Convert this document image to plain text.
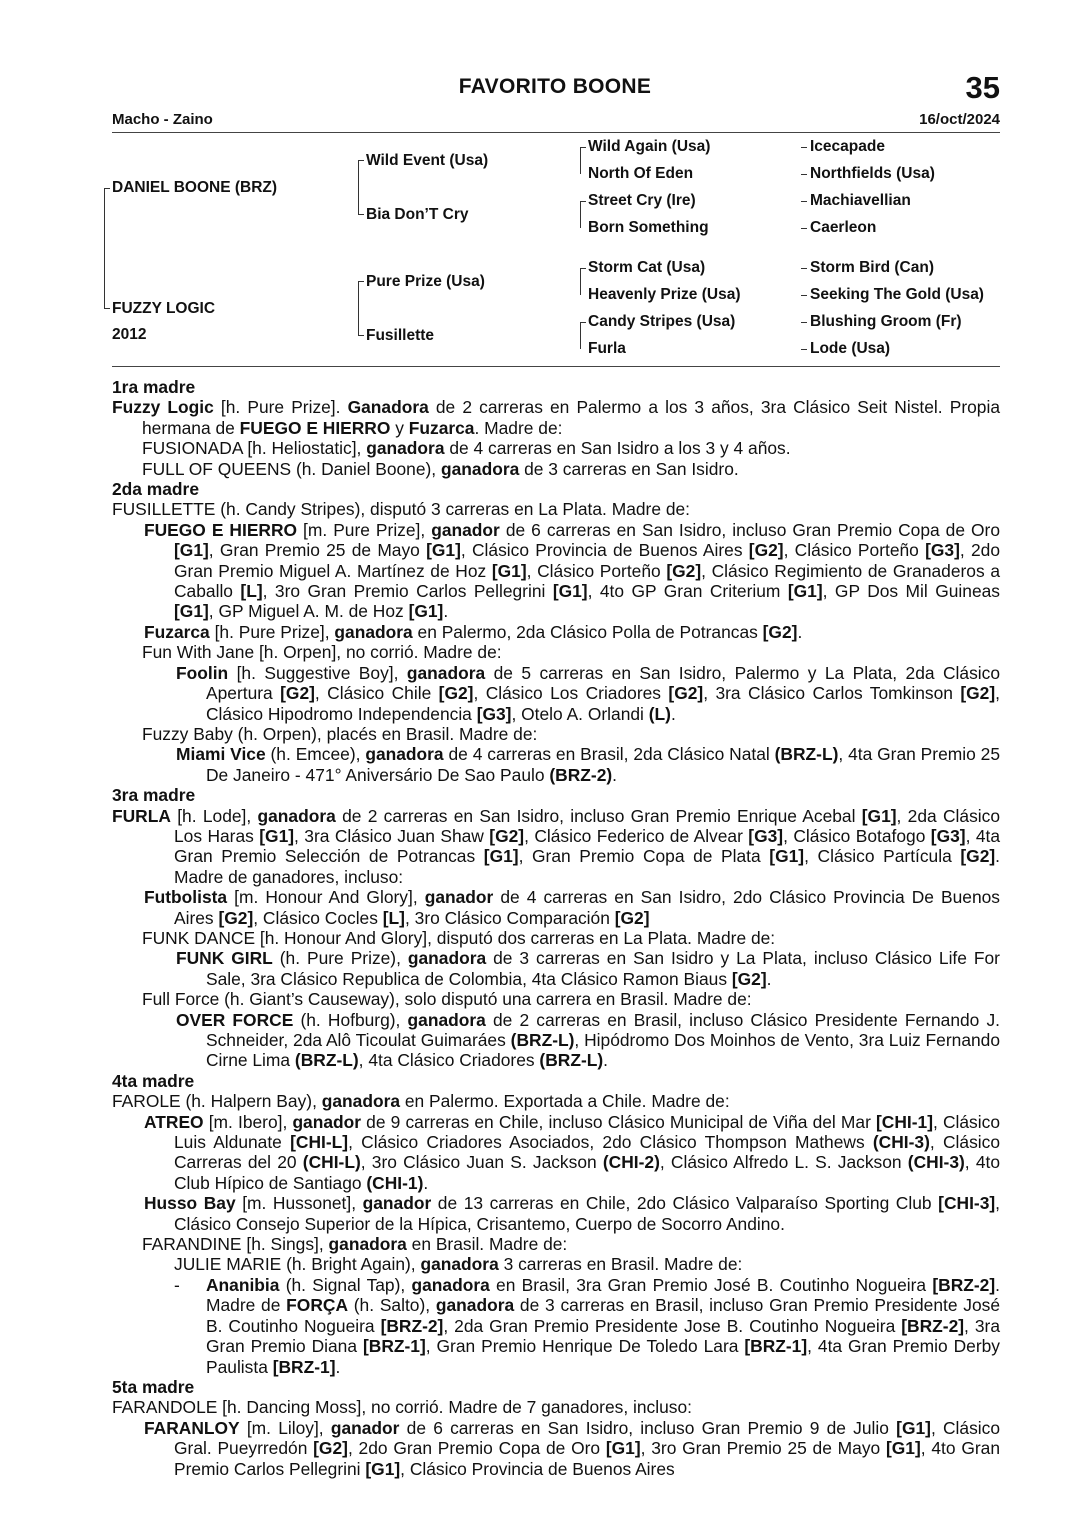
FAVORITO BOONE	35
Macho - Zaino	16/oct/2024
DANIEL BOONE (BRZ)
FUZZY LOGIC
2012
Wild Event (Usa)
Bia Don’T Cry
Pure Prize (Usa)
Fusillette
Wild Again (Usa)
North Of Eden
Street Cry (Ire)
Born Something
Storm Cat (Usa)
Heavenly Prize (Usa)
Candy Stripes (Usa)
Furla
Icecapade
Northfields (Usa)
Machiavellian
Caerleon
Storm Bird (Can)
Seeking The Gold (Usa)
Blushing Groom (Fr)
Lode (Usa)
1ra madre
Fuzzy Logic [h. Pure Prize]. Ganadora de 2 carreras en Palermo a los 3 años, 3ra Clásico Seit Nistel. Propia hermana de FUEGO E HIERRO y Fuzarca. Madre de:
FUSIONADA [h. Heliostatic], ganadora de 4 carreras en San Isidro a los 3 y 4 años.
FULL OF QUEENS (h. Daniel Boone), ganadora de 3 carreras en San Isidro.
2da madre
FUSILLETTE (h. Candy Stripes), disputó 3 carreras en La Plata. Madre de:
FUEGO E HIERRO [m. Pure Prize], ganador de 6 carreras en San Isidro, incluso Gran Premio Copa de Oro [G1], Gran Premio 25 de Mayo [G1], Clásico Provincia de Buenos Aires [G2], Clásico Porteño [G3], 2do Gran Premio Miguel A. Martínez de Hoz [G1], Clásico Porteño [G2], Clásico Regimiento de Granaderos a Caballo [L], 3ro Gran Premio Carlos Pellegrini [G1], 4to GP Gran Criterium [G1], GP Dos Mil Guineas [G1], GP Miguel A. M. de Hoz [G1].
Fuzarca [h. Pure Prize], ganadora en Palermo, 2da Clásico Polla de Potrancas [G2].
Fun With Jane [h. Orpen], no corrió. Madre de:
Foolin [h. Suggestive Boy], ganadora de 5 carreras en San Isidro, Palermo y La Plata, 2da Clásico Apertura [G2], Clásico Chile [G2], Clásico Los Criadores [G2], 3ra Clásico Carlos Tomkinson [G2], Clásico Hipodromo Independencia [G3], Otelo A. Orlandi (L).
Fuzzy Baby (h. Orpen), placés en Brasil. Madre de:
Miami Vice (h. Emcee), ganadora de 4 carreras en Brasil, 2da Clásico Natal (BRZ-L), 4ta Gran Premio 25 De Janeiro - 471° Aniversário De Sao Paulo (BRZ-2).
3ra madre
FURLA [h. Lode], ganadora de 2 carreras en San Isidro, incluso Gran Premio Enrique Acebal [G1], 2da Clásico Los Haras [G1], 3ra Clásico Juan Shaw [G2], Clásico Federico de Alvear [G3], Clásico Botafogo [G3], 4ta Gran Premio Selección de Potrancas [G1], Gran Premio Copa de Plata [G1], Clásico Partícula [G2]. Madre de ganadores, incluso:
Futbolista [m. Honour And Glory], ganador de 4 carreras en San Isidro, 2do Clásico Provincia De Buenos Aires [G2], Clásico Cocles [L], 3ro Clásico Comparación [G2]
FUNK DANCE [h. Honour And Glory], disputó dos carreras en La Plata. Madre de:
FUNK GIRL (h. Pure Prize), ganadora de 3 carreras en San Isidro y La Plata, incluso Clásico Life For Sale, 3ra Clásico Republica de Colombia, 4ta Clásico Ramon Biaus [G2].
Full Force (h. Giant’s Causeway), solo disputó una carrera en Brasil. Madre de:
OVER FORCE (h. Hofburg), ganadora de 2 carreras en Brasil, incluso Clásico Presidente Fernando J. Schneider, 2da Alô Ticoulat Guimaráes (BRZ-L), Hipódromo Dos Moinhos de Vento, 3ra Luiz Fernando Cirne Lima (BRZ-L), 4ta Clásico Criadores (BRZ-L).
4ta madre
FAROLE (h. Halpern Bay), ganadora en Palermo. Exportada a Chile. Madre de:
ATREO [m. Ibero], ganador de 9 carreras en Chile, incluso Clásico Municipal de Viña del Mar [CHI-1], Clásico Luis Aldunate [CHI-L], Clásico Criadores Asociados, 2do Clásico Thompson Mathews (CHI-3), Clásico Carreras del 20 (CHI-L), 3ro Clásico Juan S. Jackson (CHI-2), Clásico Alfredo L. S. Jackson (CHI-3), 4to Club Hípico de Santiago (CHI-1).
Husso Bay [m. Hussonet], ganador de 13 carreras en Chile, 2do Clásico Valparaíso Sporting Club [CHI-3], Clásico Consejo Superior de la Hípica, Crisantemo, Cuerpo de Socorro Andino.
FARANDINE [h. Sings], ganadora en Brasil. Madre de:
JULIE MARIE (h. Bright Again), ganadora 3 carreras en Brasil. Madre de:
- Ananibia (h. Signal Tap), ganadora en Brasil, 3ra Gran Premio José B. Coutinho Nogueira [BRZ-2]. Madre de FORÇA (h. Salto), ganadora de 3 carreras en Brasil, incluso Gran Premio Presidente José B. Coutinho Nogueira [BRZ-2], 2da Gran Premio Presidente Jose B. Coutinho Nogueira [BRZ-2], 3ra Gran Premio Diana [BRZ-1], Gran Premio Henrique De Toledo Lara [BRZ-1], 4ta Gran Premio Derby Paulista [BRZ-1].
5ta madre
FARANDOLE [h. Dancing Moss], no corrió. Madre de 7 ganadores, incluso:
FARANLOY [m. Liloy], ganador de 6 carreras en San Isidro, incluso Gran Premio 9 de Julio [G1], Clásico Gral. Pueyrredón [G2], 2do Gran Premio Copa de Oro [G1], 3ro Gran Premio 25 de Mayo [G1], 4to Gran Premio Carlos Pellegrini [G1], Clásico Provincia de Buenos Aires
